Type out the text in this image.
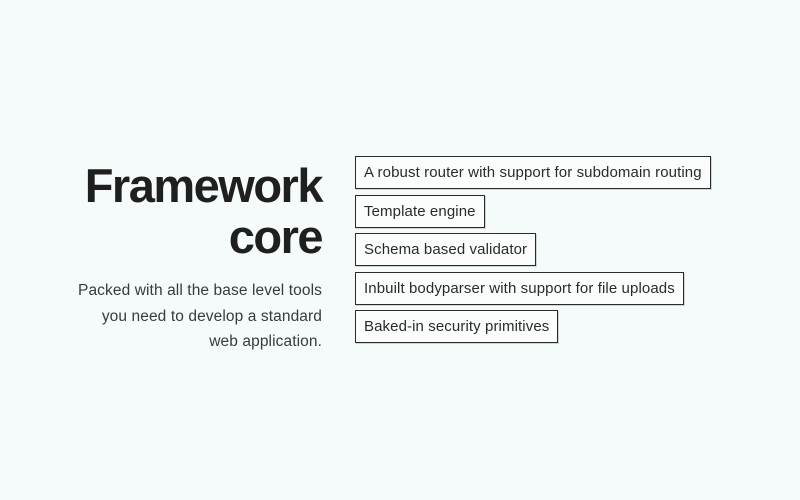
Framework
core

Packed with all the base level tools
you need to develop a standard
web application.

A robust router with support for subdomain routing
Template engine
Schema based validator
Inbuilt bodyparser with support for file uploads
Baked-in security primitives
